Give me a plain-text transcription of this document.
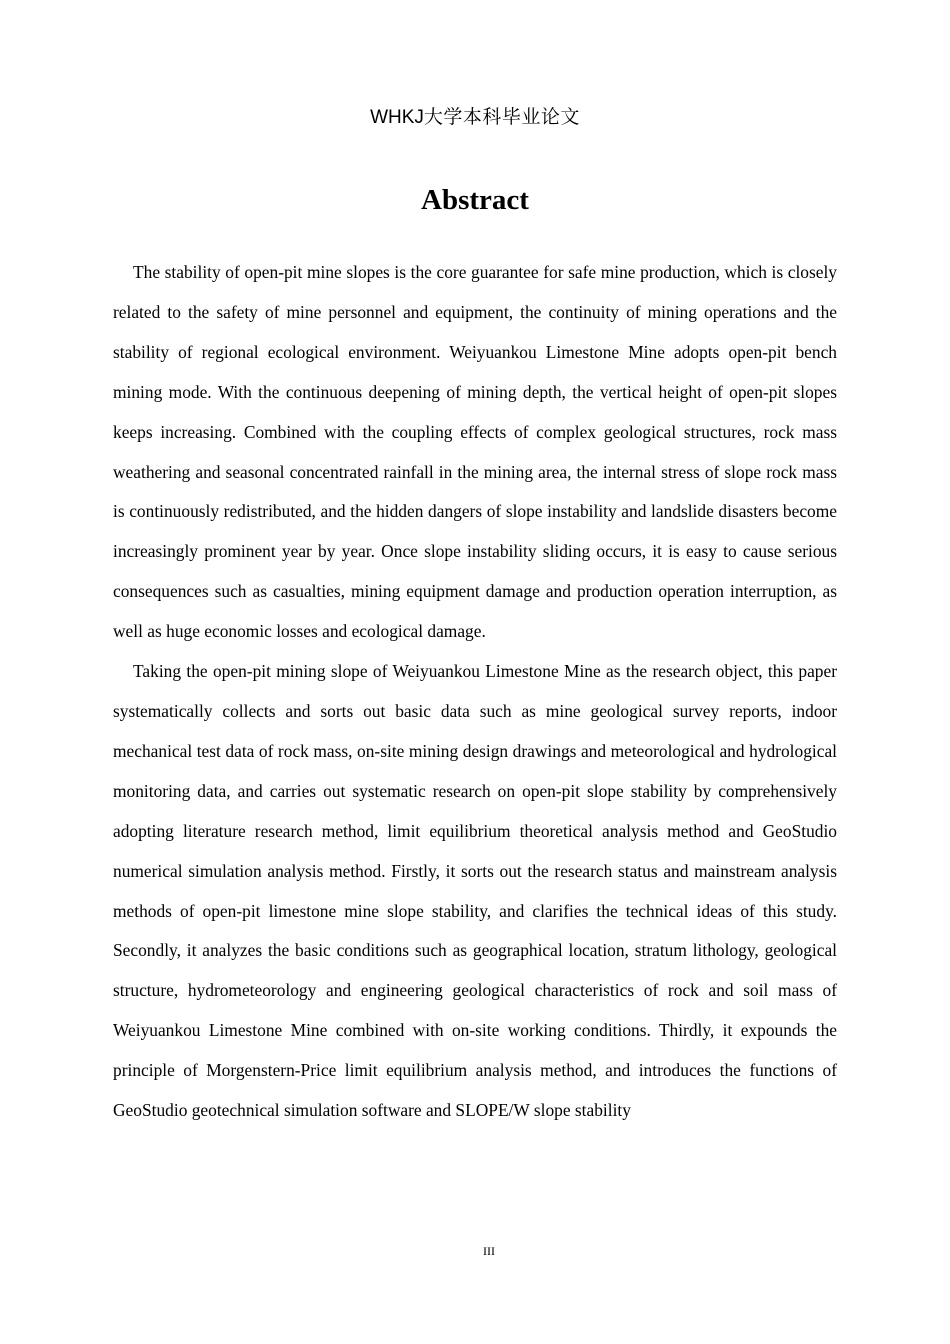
WHKJ大学本科毕业论文
Abstract

The stability of open-pit mine slopes is the core guarantee for safe mine production, which is closely related to the safety of mine personnel and equipment, the continuity of mining operations and the stability of regional ecological environment. Weiyuankou Limestone Mine adopts open-pit bench mining mode. With the continuous deepening of mining depth, the vertical height of open-pit slopes keeps increasing. Combined with the coupling effects of complex geological structures, rock mass weathering and seasonal concentrated rainfall in the mining area, the internal stress of slope rock mass is continuously redistributed, and the hidden dangers of slope instability and landslide disasters become increasingly prominent year by year. Once slope instability sliding occurs, it is easy to cause serious consequences such as casualties, mining equipment damage and production operation interruption, as well as huge economic losses and ecological damage.

Taking the open-pit mining slope of Weiyuankou Limestone Mine as the research object, this paper systematically collects and sorts out basic data such as mine geological survey reports, indoor mechanical test data of rock mass, on-site mining design drawings and meteorological and hydrological monitoring data, and carries out systematic research on open-pit slope stability by comprehensively adopting literature research method, limit equilibrium theoretical analysis method and GeoStudio numerical simulation analysis method. Firstly, it sorts out the research status and mainstream analysis methods of open-pit limestone mine slope stability, and clarifies the technical ideas of this study. Secondly, it analyzes the basic conditions such as geographical location, stratum lithology, geological structure, hydrometeorology and engineering geological characteristics of rock and soil mass of Weiyuankou Limestone Mine combined with on-site working conditions. Thirdly, it expounds the principle of Morgenstern-Price limit equilibrium analysis method, and introduces the functions of GeoStudio geotechnical simulation software and SLOPE/W slope stability

III
